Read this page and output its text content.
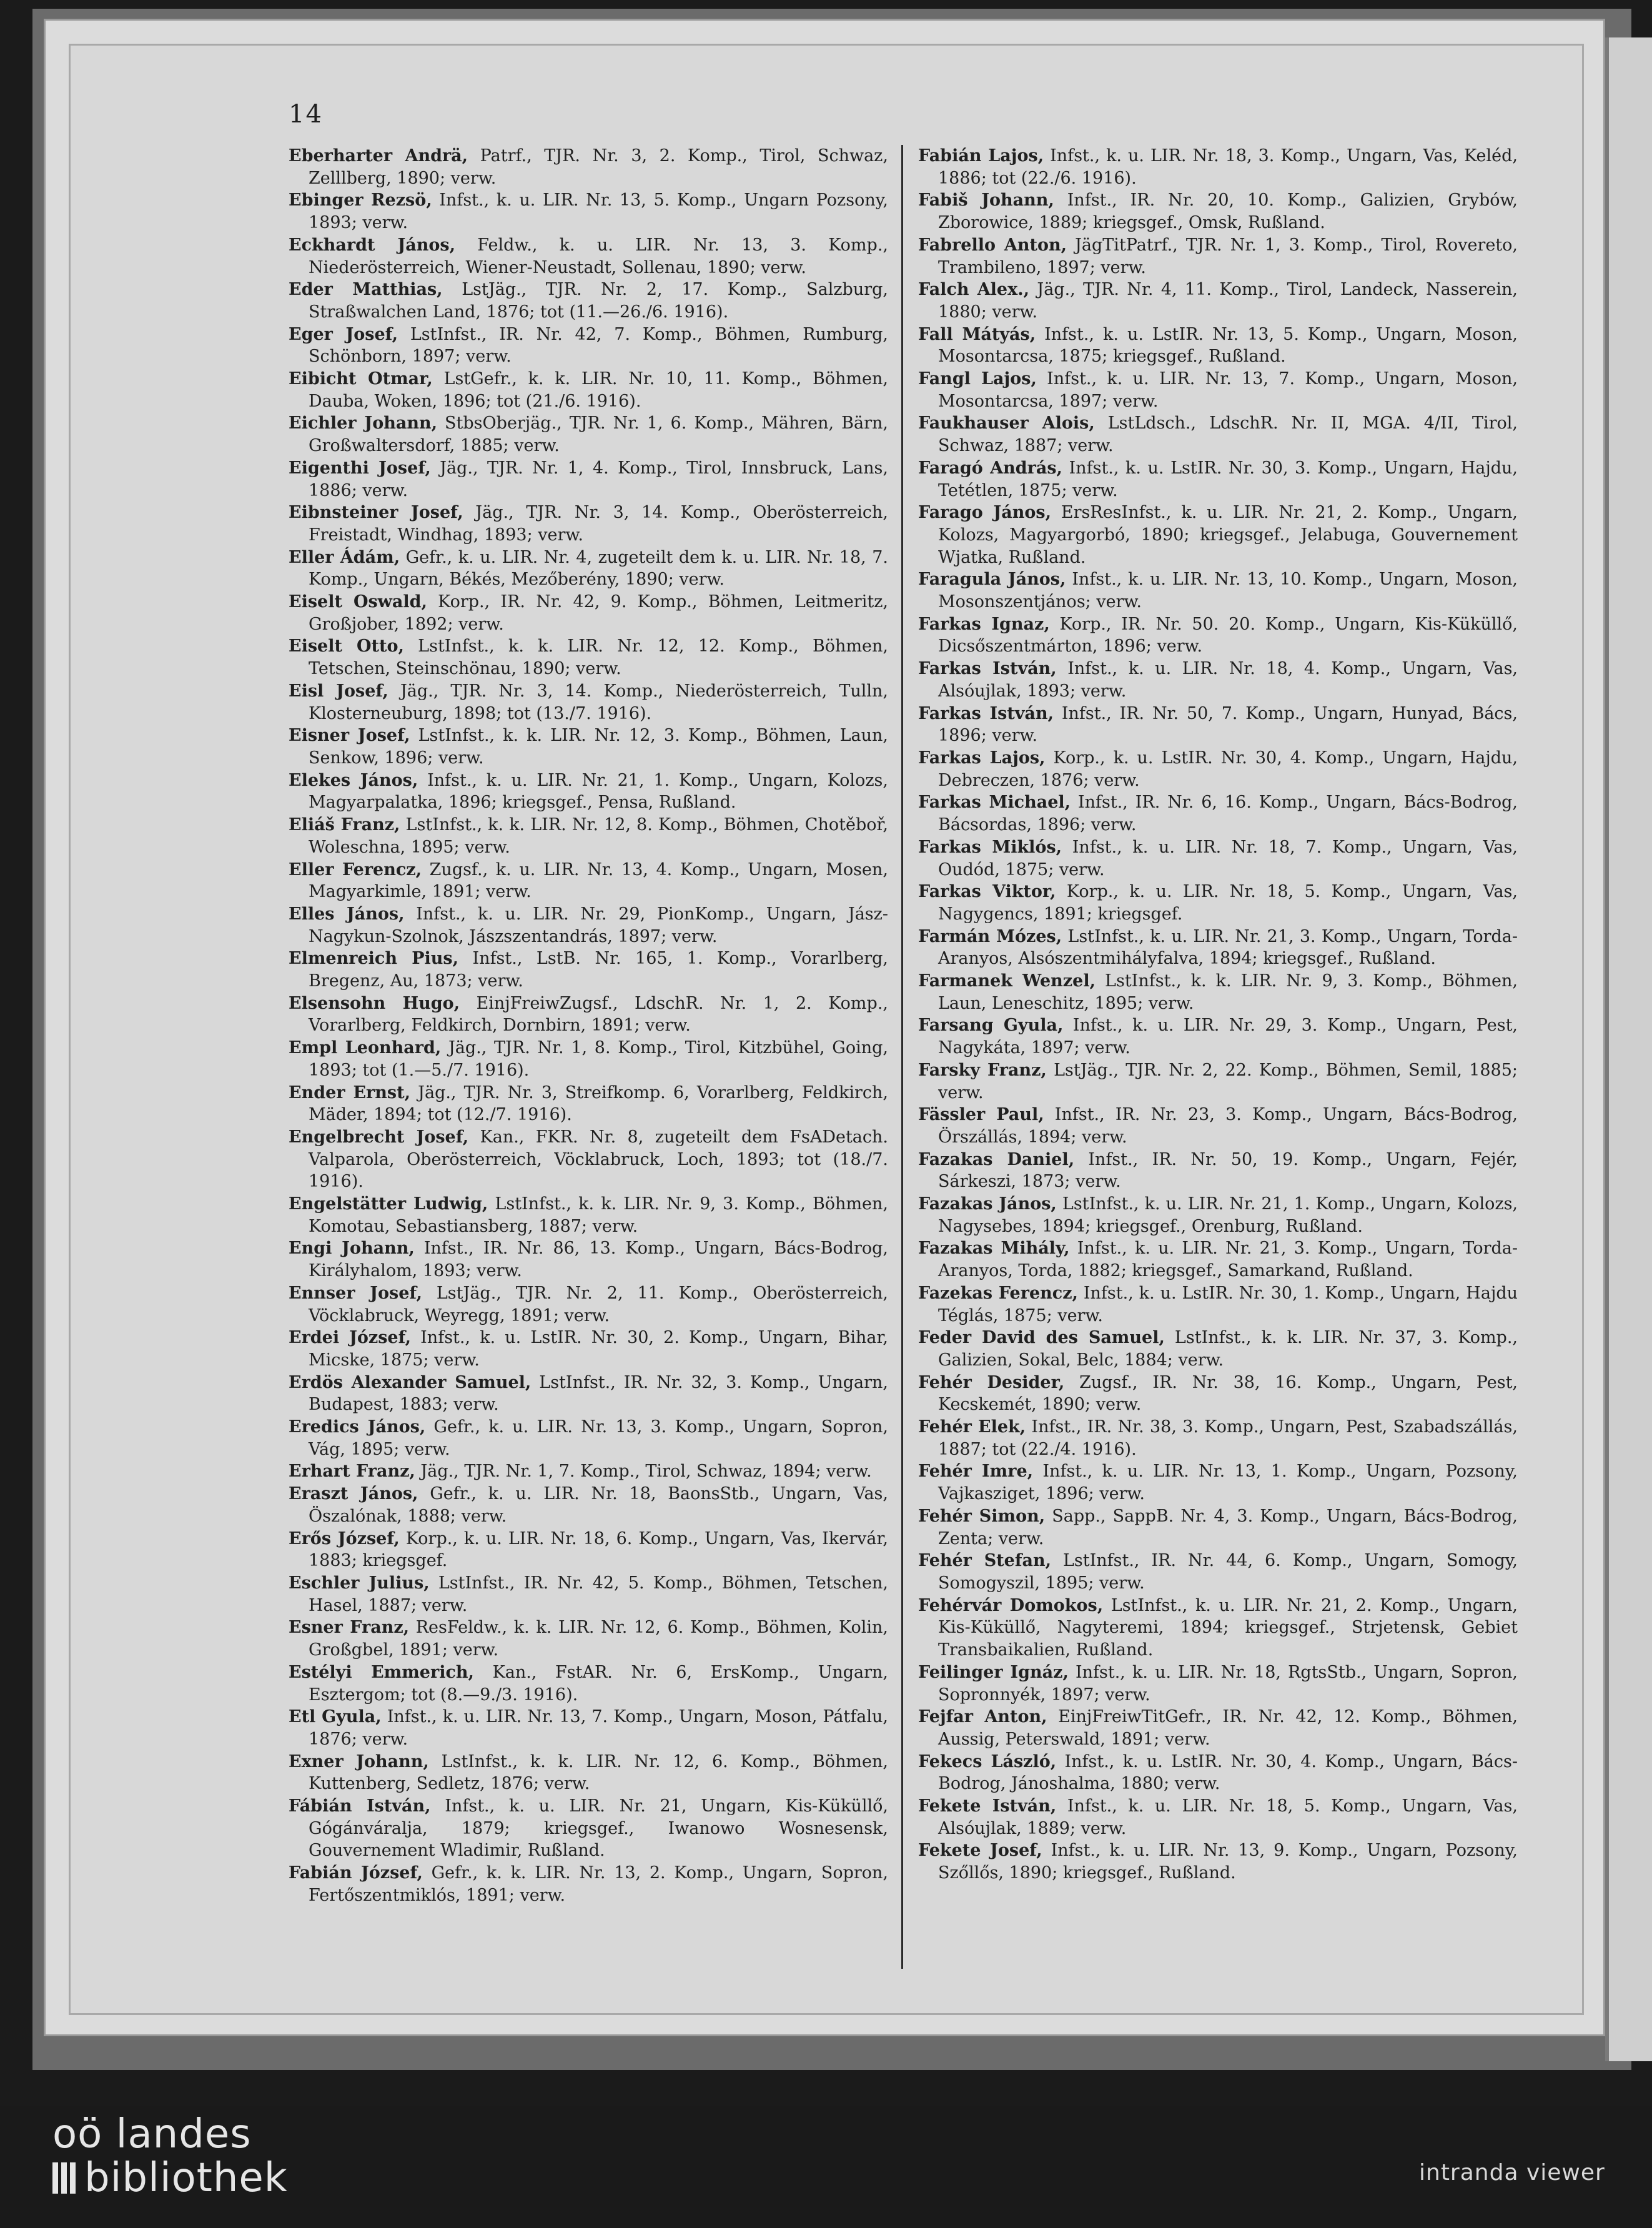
14

Eberharter Andrä, Patrf., TJR. Nr. 3, 2. Komp., Tirol, Schwaz, Zelllberg, 1890; verw.

Ebinger Rezsö, Infst., k. u. LIR. Nr. 13, 5. Komp., Ungarn Pozsony, 1893; verw.

Eckhardt János, Feldw., k. u. LIR. Nr. 13, 3. Komp., Niederösterreich, Wiener-Neustadt, Sollenau, 1890; verw.

Eder Matthias, LstJäg., TJR. Nr. 2, 17. Komp., Salzburg, Straßwalchen Land, 1876; tot (11.—26./6. 1916).

Eger Josef, LstInfst., IR. Nr. 42, 7. Komp., Böhmen, Rumburg, Schönborn, 1897; verw.

Eibicht Otmar, LstGefr., k. k. LIR. Nr. 10, 11. Komp., Böhmen, Dauba, Woken, 1896; tot (21./6. 1916).

Eichler Johann, StbsOberjäg., TJR. Nr. 1, 6. Komp., Mähren, Bärn, Großwaltersdorf, 1885; verw.

Eigenthi Josef, Jäg., TJR. Nr. 1, 4. Komp., Tirol, Innsbruck, Lans, 1886; verw.

Eibnsteiner Josef, Jäg., TJR. Nr. 3, 14. Komp., Oberösterreich, Freistadt, Windhag, 1893; verw.

Eller Ádám, Gefr., k. u. LIR. Nr. 4, zugeteilt dem k. u. LIR. Nr. 18, 7. Komp., Ungarn, Békés, Mezőberény, 1890; verw.

Eiselt Oswald, Korp., IR. Nr. 42, 9. Komp., Böhmen, Leitmeritz, Großjober, 1892; verw.

Eiselt Otto, LstInfst., k. k. LIR. Nr. 12, 12. Komp., Böhmen, Tetschen, Steinschönau, 1890; verw.

Eisl Josef, Jäg., TJR. Nr. 3, 14. Komp., Niederösterreich, Tulln, Klosterneuburg, 1898; tot (13./7. 1916).

Eisner Josef, LstInfst., k. k. LIR. Nr. 12, 3. Komp., Böhmen, Laun, Senkow, 1896; verw.

Elekes János, Infst., k. u. LIR. Nr. 21, 1. Komp., Ungarn, Kolozs, Magyarpalatka, 1896; kriegsgef., Pensa, Rußland.

Eliáš Franz, LstInfst., k. k. LIR. Nr. 12, 8. Komp., Böhmen, Chotěboř, Woleschna, 1895; verw.

Eller Ferencz, Zugsf., k. u. LIR. Nr. 13, 4. Komp., Ungarn, Mosen, Magyarkimle, 1891; verw.

Elles János, Infst., k. u. LIR. Nr. 29, PionKomp., Ungarn, Jász-Nagykun-Szolnok, Jászszentandrás, 1897; verw.

Elmenreich Pius, Infst., LstB. Nr. 165, 1. Komp., Vorarlberg, Bregenz, Au, 1873; verw.

Elsensohn Hugo, EinjFreiwZugsf., LdschR. Nr. 1, 2. Komp., Vorarlberg, Feldkirch, Dornbirn, 1891; verw.

Empl Leonhard, Jäg., TJR. Nr. 1, 8. Komp., Tirol, Kitzbühel, Going, 1893; tot (1.—5./7. 1916).

Ender Ernst, Jäg., TJR. Nr. 3, Streifkomp. 6, Vorarlberg, Feldkirch, Mäder, 1894; tot (12./7. 1916).

Engelbrecht Josef, Kan., FKR. Nr. 8, zugeteilt dem FsADetach. Valparola, Oberösterreich, Vöcklabruck, Loch, 1893; tot (18./7. 1916).

Engelstätter Ludwig, LstInfst., k. k. LIR. Nr. 9, 3. Komp., Böhmen, Komotau, Sebastiansberg, 1887; verw.

Engi Johann, Infst., IR. Nr. 86, 13. Komp., Ungarn, Bács-Bodrog, Királyhalom, 1893; verw.

Ennser Josef, LstJäg., TJR. Nr. 2, 11. Komp., Oberösterreich, Vöcklabruck, Weyregg, 1891; verw.

Erdei József, Infst., k. u. LstIR. Nr. 30, 2. Komp., Ungarn, Bihar, Micske, 1875; verw.

Erdös Alexander Samuel, LstInfst., IR. Nr. 32, 3. Komp., Ungarn, Budapest, 1883; verw.

Eredics János, Gefr., k. u. LIR. Nr. 13, 3. Komp., Ungarn, Sopron, Vág, 1895; verw.

Erhart Franz, Jäg., TJR. Nr. 1, 7. Komp., Tirol, Schwaz, 1894; verw.

Eraszt János, Gefr., k. u. LIR. Nr. 18, BaonsStb., Ungarn, Vas, Öszalónak, 1888; verw.

Erős József, Korp., k. u. LIR. Nr. 18, 6. Komp., Ungarn, Vas, Ikervár, 1883; kriegsgef.

Eschler Julius, LstInfst., IR. Nr. 42, 5. Komp., Böhmen, Tetschen, Hasel, 1887; verw.

Esner Franz, ResFeldw., k. k. LIR. Nr. 12, 6. Komp., Böhmen, Kolin, Großgbel, 1891; verw.

Estélyi Emmerich, Kan., FstAR. Nr. 6, ErsKomp., Ungarn, Esztergom; tot (8.—9./3. 1916).

Etl Gyula, Infst., k. u. LIR. Nr. 13, 7. Komp., Ungarn, Moson, Pátfalu, 1876; verw.

Exner Johann, LstInfst., k. k. LIR. Nr. 12, 6. Komp., Böhmen, Kuttenberg, Sedletz, 1876; verw.

Fábián István, Infst., k. u. LIR. Nr. 21, Ungarn, Kis-Küküllő, Gógánváralja, 1879; kriegsgef., Iwanowo Wosnesensk, Gouvernement Wladimir, Rußland.

Fabián József, Gefr., k. k. LIR. Nr. 13, 2. Komp., Ungarn, Sopron, Fertőszentmiklós, 1891; verw.

Fabián Lajos, Infst., k. u. LIR. Nr. 18, 3. Komp., Ungarn, Vas, Keléd, 1886; tot (22./6. 1916).

Fabiš Johann, Infst., IR. Nr. 20, 10. Komp., Galizien, Grybów, Zborowice, 1889; kriegsgef., Omsk, Rußland.

Fabrello Anton, JägTitPatrf., TJR. Nr. 1, 3. Komp., Tirol, Rovereto, Trambileno, 1897; verw.

Falch Alex., Jäg., TJR. Nr. 4, 11. Komp., Tirol, Landeck, Nasserein, 1880; verw.

Fall Mátyás, Infst., k. u. LstIR. Nr. 13, 5. Komp., Ungarn, Moson, Mosontarcsa, 1875; kriegsgef., Rußland.

Fangl Lajos, Infst., k. u. LIR. Nr. 13, 7. Komp., Ungarn, Moson, Mosontarcsa, 1897; verw.

Faukhauser Alois, LstLdsch., LdschR. Nr. II, MGA. 4/II, Tirol, Schwaz, 1887; verw.

Faragó András, Infst., k. u. LstIR. Nr. 30, 3. Komp., Ungarn, Hajdu, Tetétlen, 1875; verw.

Farago János, ErsResInfst., k. u. LIR. Nr. 21, 2. Komp., Ungarn, Kolozs, Magyargorbó, 1890; kriegsgef., Jelabuga, Gouvernement Wjatka, Rußland.

Faragula János, Infst., k. u. LIR. Nr. 13, 10. Komp., Ungarn, Moson, Mosonszentjános; verw.

Farkas Ignaz, Korp., IR. Nr. 50. 20. Komp., Ungarn, Kis-Küküllő, Dicsőszentmárton, 1896; verw.

Farkas István, Infst., k. u. LIR. Nr. 18, 4. Komp., Ungarn, Vas, Alsóujlak, 1893; verw.

Farkas István, Infst., IR. Nr. 50, 7. Komp., Ungarn, Hunyad, Bács, 1896; verw.

Farkas Lajos, Korp., k. u. LstIR. Nr. 30, 4. Komp., Ungarn, Hajdu, Debreczen, 1876; verw.

Farkas Michael, Infst., IR. Nr. 6, 16. Komp., Ungarn, Bács-Bodrog, Bácsordas, 1896; verw.

Farkas Miklós, Infst., k. u. LIR. Nr. 18, 7. Komp., Ungarn, Vas, Oudód, 1875; verw.

Farkas Viktor, Korp., k. u. LIR. Nr. 18, 5. Komp., Ungarn, Vas, Nagygencs, 1891; kriegsgef.

Farmán Mózes, LstInfst., k. u. LIR. Nr. 21, 3. Komp., Ungarn, Torda-Aranyos, Alsószentmihályfalva, 1894; kriegsgef., Rußland.

Farmanek Wenzel, LstInfst., k. k. LIR. Nr. 9, 3. Komp., Böhmen, Laun, Leneschitz, 1895; verw.

Farsang Gyula, Infst., k. u. LIR. Nr. 29, 3. Komp., Ungarn, Pest, Nagykáta, 1897; verw.

Farsky Franz, LstJäg., TJR. Nr. 2, 22. Komp., Böhmen, Semil, 1885; verw.

Fässler Paul, Infst., IR. Nr. 23, 3. Komp., Ungarn, Bács-Bodrog, Örszállás, 1894; verw.

Fazakas Daniel, Infst., IR. Nr. 50, 19. Komp., Ungarn, Fejér, Sárkeszi, 1873; verw.

Fazakas János, LstInfst., k. u. LIR. Nr. 21, 1. Komp., Ungarn, Kolozs, Nagysebes, 1894; kriegsgef., Orenburg, Rußland.

Fazakas Mihály, Infst., k. u. LIR. Nr. 21, 3. Komp., Ungarn, Torda-Aranyos, Torda, 1882; kriegsgef., Samarkand, Rußland.

Fazekas Ferencz, Infst., k. u. LstIR. Nr. 30, 1. Komp., Ungarn, Hajdu Téglás, 1875; verw.

Feder David des Samuel, LstInfst., k. k. LIR. Nr. 37, 3. Komp., Galizien, Sokal, Belc, 1884; verw.

Fehér Desider, Zugsf., IR. Nr. 38, 16. Komp., Ungarn, Pest, Kecskemét, 1890; verw.

Fehér Elek, Infst., IR. Nr. 38, 3. Komp., Ungarn, Pest, Szabadszállás, 1887; tot (22./4. 1916).

Fehér Imre, Infst., k. u. LIR. Nr. 13, 1. Komp., Ungarn, Pozsony, Vajkasziget, 1896; verw.

Fehér Simon, Sapp., SappB. Nr. 4, 3. Komp., Ungarn, Bács-Bodrog, Zenta; verw.

Fehér Stefan, LstInfst., IR. Nr. 44, 6. Komp., Ungarn, Somogy, Somogyszil, 1895; verw.

Fehérvár Domokos, LstInfst., k. u. LIR. Nr. 21, 2. Komp., Ungarn, Kis-Küküllő, Nagyteremi, 1894; kriegsgef., Strjetensk, Gebiet Transbaikalien, Rußland.

Feilinger Ignáz, Infst., k. u. LIR. Nr. 18, RgtsStb., Ungarn, Sopron, Sopronnyék, 1897; verw.

Fejfar Anton, EinjFreiwTitGefr., IR. Nr. 42, 12. Komp., Böhmen, Aussig, Peterswald, 1891; verw.

Fekecs László, Infst., k. u. LstIR. Nr. 30, 4. Komp., Ungarn, Bács-Bodrog, Jánoshalma, 1880; verw.

Fekete István, Infst., k. u. LIR. Nr. 18, 5. Komp., Ungarn, Vas, Alsóujlak, 1889; verw.

Fekete Josef, Infst., k. u. LIR. Nr. 13, 9. Komp., Ungarn, Pozsony, Szőllős, 1890; kriegsgef., Rußland.

oö landes
bibliothek	intranda viewer
